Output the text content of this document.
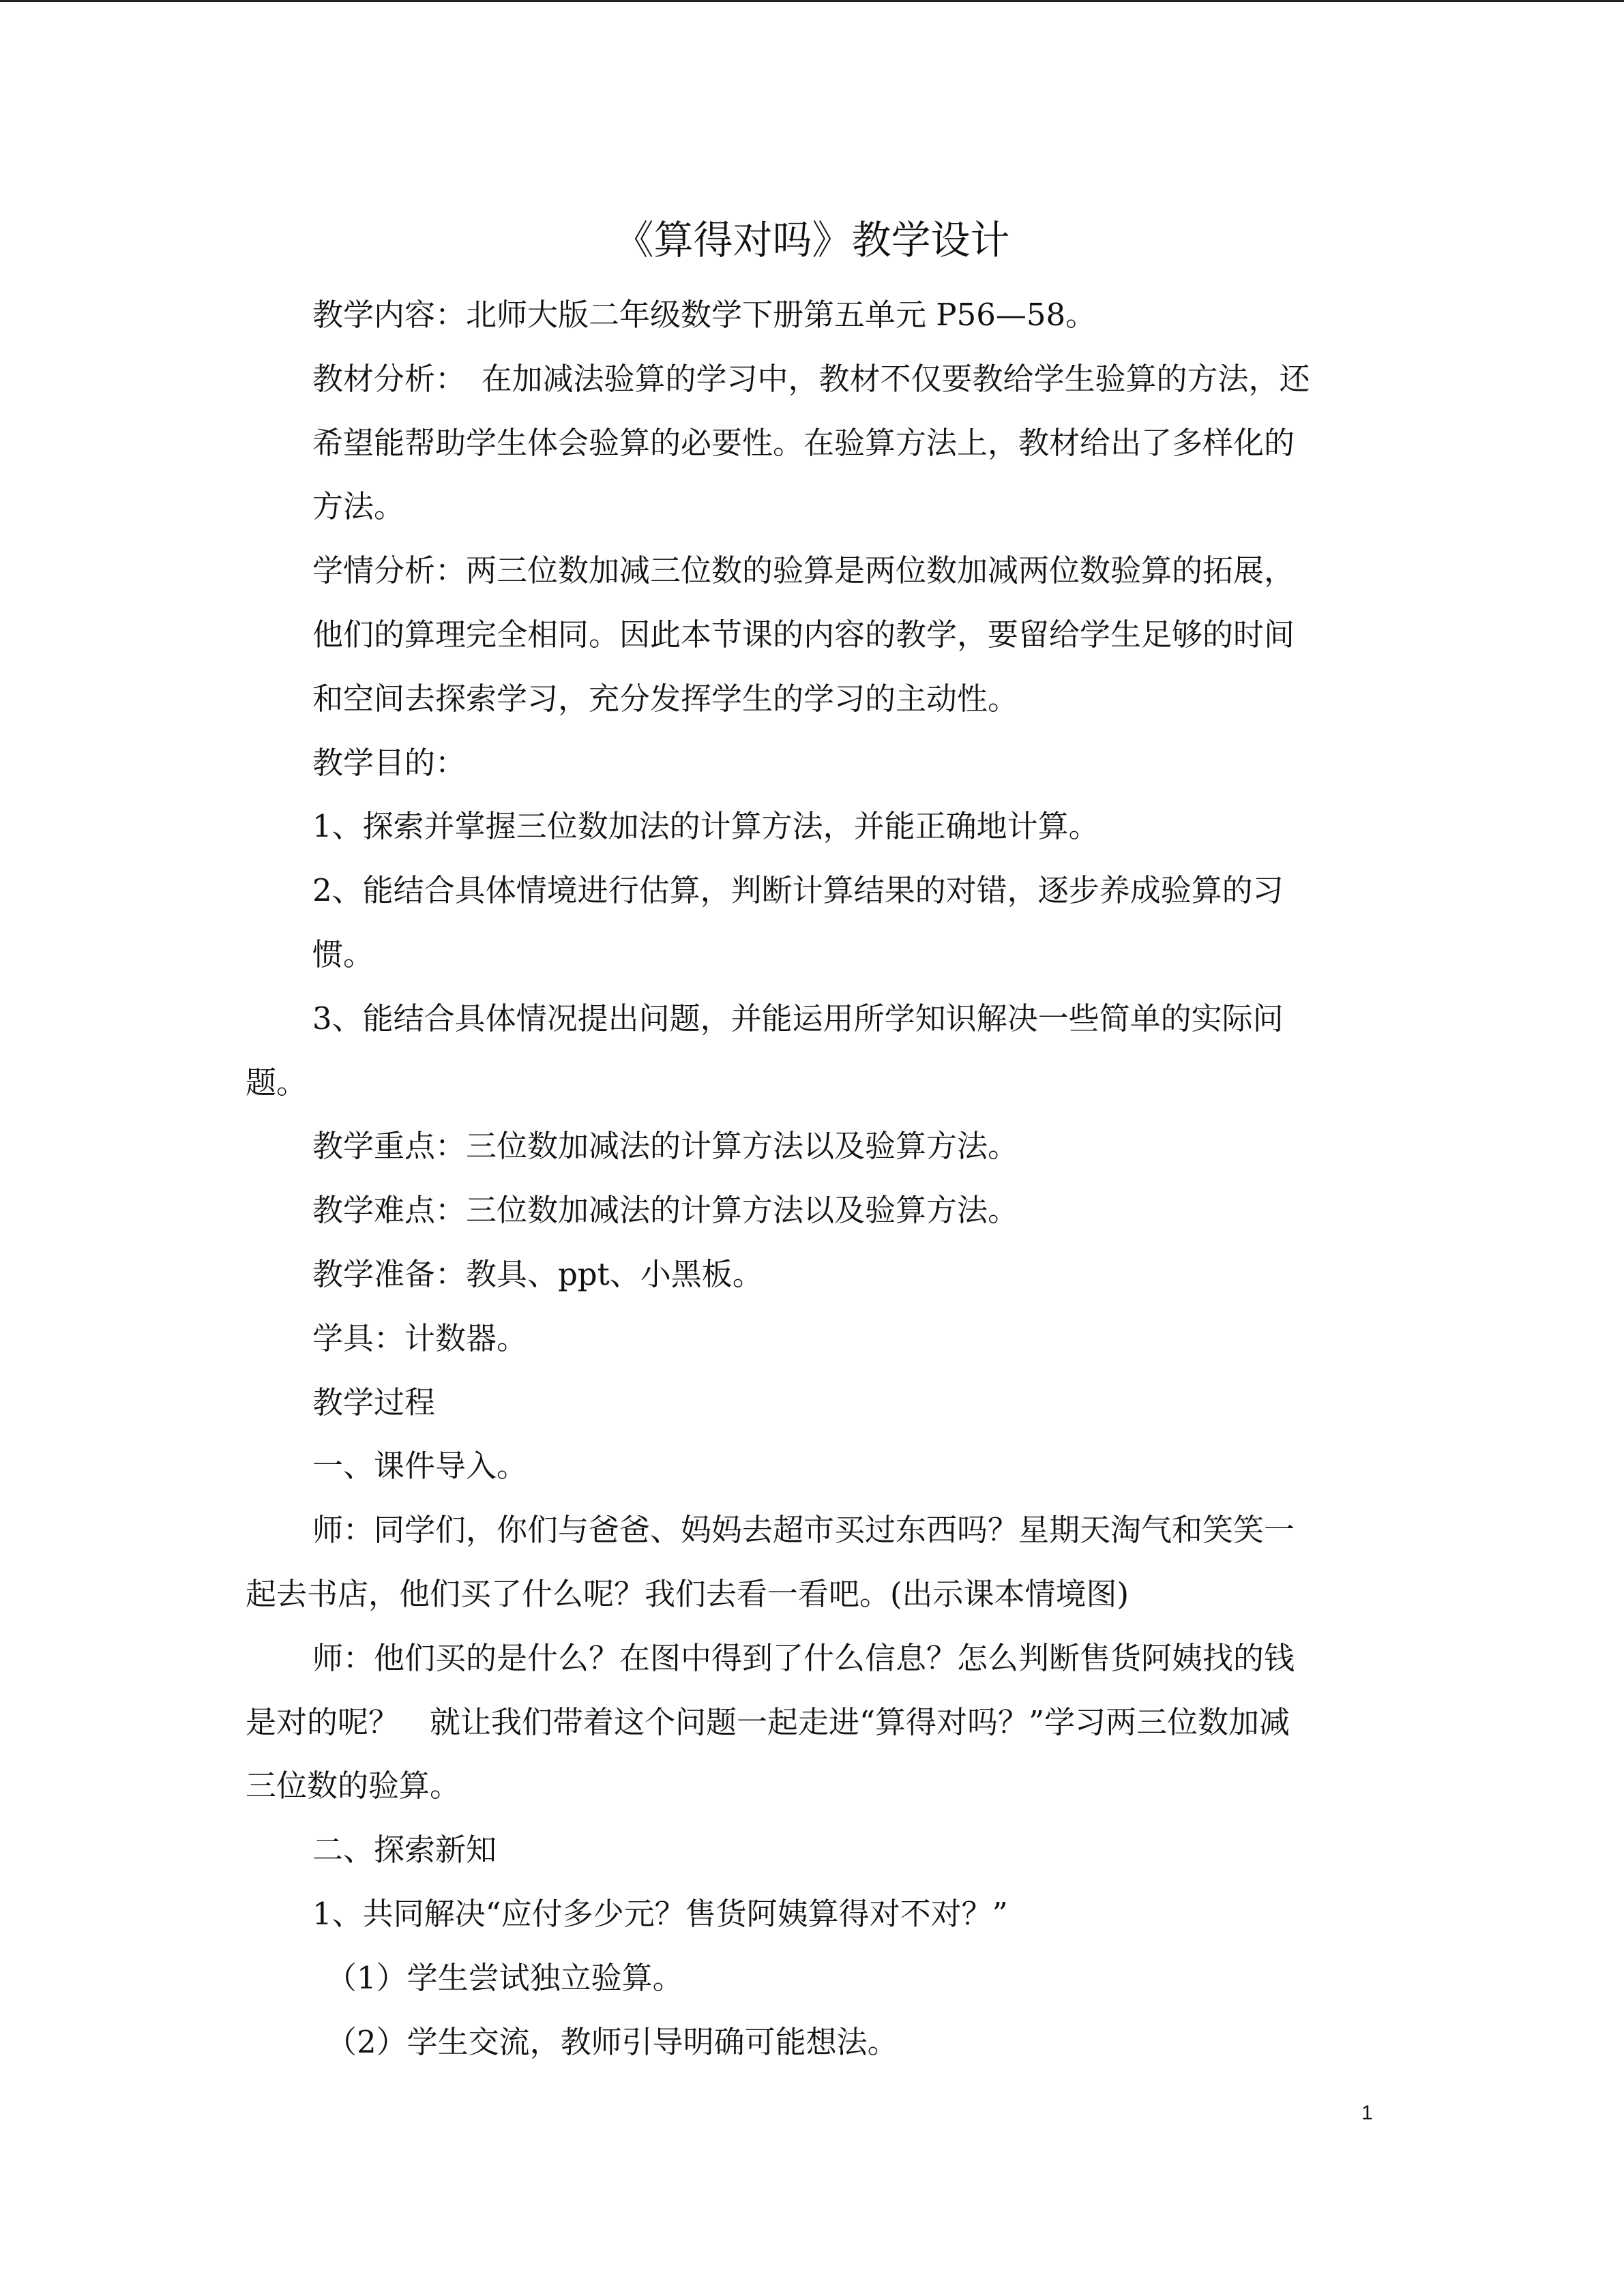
《算得对吗》教学设计

教学内容：北师大版二年级数学下册第五单元 P56—58。

教材分析：　在加减法验算的学习中，教材不仅要教给学生验算的方法，还

希望能帮助学生体会验算的必要性。在验算方法上，教材给出了多样化的

方法。

学情分析：两三位数加减三位数的验算是两位数加减两位数验算的拓展，

他们的算理完全相同。因此本节课的内容的教学，要留给学生足够的时间

和空间去探索学习，充分发挥学生的学习的主动性。

教学目的：

1、探索并掌握三位数加法的计算方法，并能正确地计算。

2、能结合具体情境进行估算，判断计算结果的对错，逐步养成验算的习

惯。

3、能结合具体情况提出问题，并能运用所学知识解决一些简单的实际问

题。

教学重点：三位数加减法的计算方法以及验算方法。

教学难点：三位数加减法的计算方法以及验算方法。

教学准备：教具、ppt、小黑板。

学具：计数器。

教学过程

一、课件导入。

师：同学们，你们与爸爸、妈妈去超市买过东西吗？星期天淘气和笑笑一

起去书店，他们买了什么呢？我们去看一看吧。(出示课本情境图)

师：他们买的是什么？在图中得到了什么信息？怎么判断售货阿姨找的钱

是对的呢？　就让我们带着这个问题一起走进“算得对吗？”学习两三位数加减

三位数的验算。

二、探索新知

1、共同解决“应付多少元？售货阿姨算得对不对？”

（1）学生尝试独立验算。

（2）学生交流，教师引导明确可能想法。

1
